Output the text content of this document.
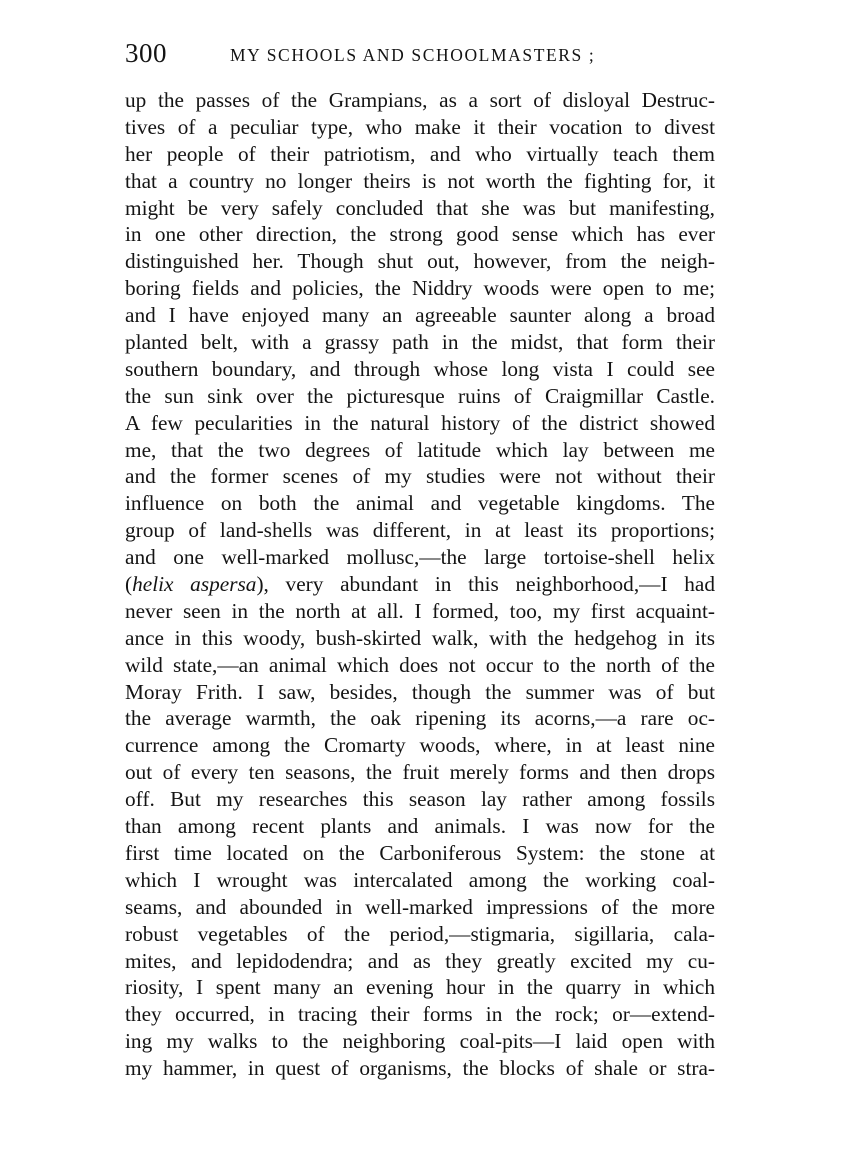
300	MY SCHOOLS AND SCHOOLMASTERS ;
up the passes of the Grampians, as a sort of disloyal Destruc-
tives of a peculiar type, who make it their vocation to divest
her people of their patriotism, and who virtually teach them
that a country no longer theirs is not worth the fighting for, it
might be very safely concluded that she was but manifesting,
in one other direction, the strong good sense which has ever
distinguished her. Though shut out, however, from the neigh-
boring fields and policies, the Niddry woods were open to me;
and I have enjoyed many an agreeable saunter along a broad
planted belt, with a grassy path in the midst, that form their
southern boundary, and through whose long vista I could see
the sun sink over the picturesque ruins of Craigmillar Castle.
A few pecularities in the natural history of the district showed
me, that the two degrees of latitude which lay between me
and the former scenes of my studies were not without their
influence on both the animal and vegetable kingdoms. The
group of land-shells was different, in at least its proportions;
and one well-marked mollusc,—the large tortoise-shell helix
(helix aspersa), very abundant in this neighborhood,—I had
never seen in the north at all. I formed, too, my first acquaint-
ance in this woody, bush-skirted walk, with the hedgehog in its
wild state,—an animal which does not occur to the north of the
Moray Frith. I saw, besides, though the summer was of but
the average warmth, the oak ripening its acorns,—a rare oc-
currence among the Cromarty woods, where, in at least nine
out of every ten seasons, the fruit merely forms and then drops
off. But my researches this season lay rather among fossils
than among recent plants and animals. I was now for the
first time located on the Carboniferous System: the stone at
which I wrought was intercalated among the working coal-
seams, and abounded in well-marked impressions of the more
robust vegetables of the period,—stigmaria, sigillaria, cala-
mites, and lepidodendra; and as they greatly excited my cu-
riosity, I spent many an evening hour in the quarry in which
they occurred, in tracing their forms in the rock; or—extend-
ing my walks to the neighboring coal-pits—I laid open with
my hammer, in quest of organisms, the blocks of shale or stra-
